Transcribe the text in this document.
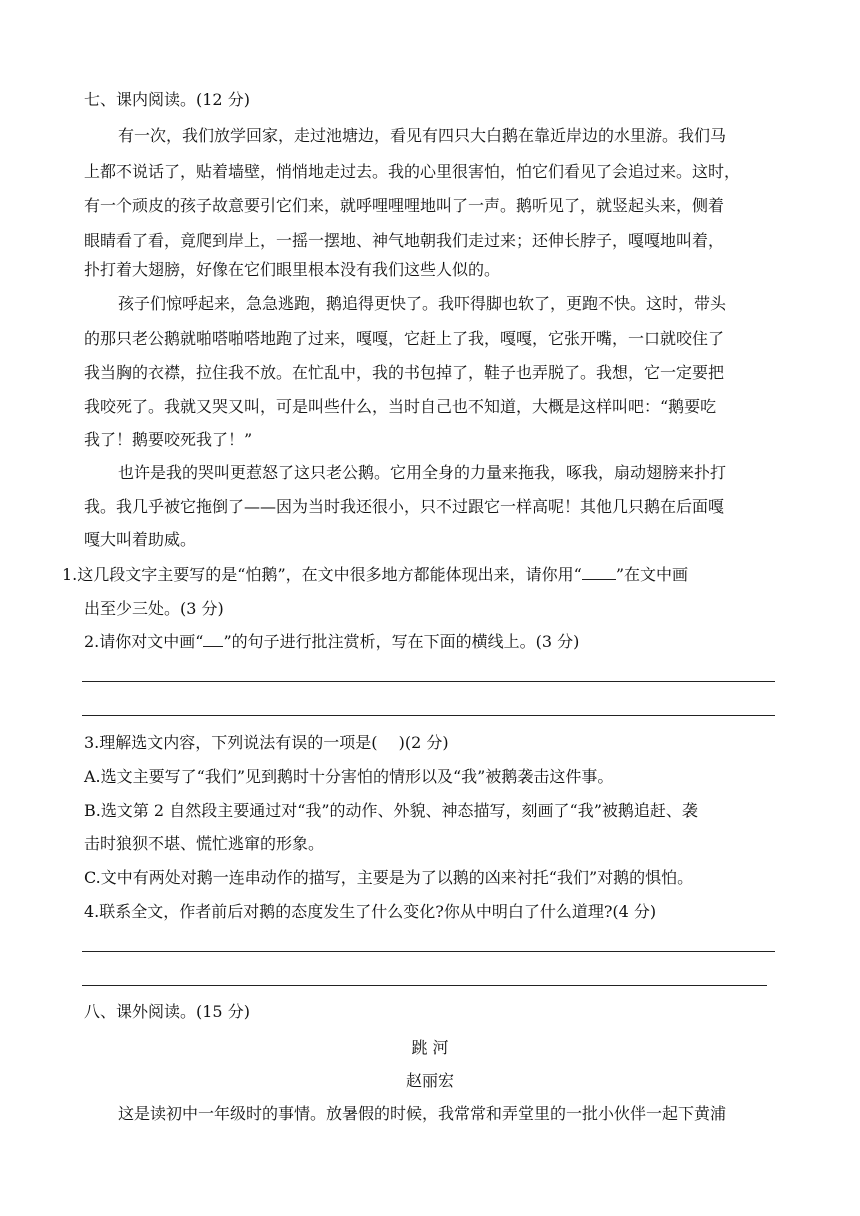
七、课内阅读。(12 分)
有一次，我们放学回家，走过池塘边，看见有四只大白鹅在靠近岸边的水里游。我们马
上都不说话了，贴着墙壁，悄悄地走过去。我的心里很害怕，怕它们看见了会追过来。这时，
有一个顽皮的孩子故意要引它们来，就呼哩哩哩地叫了一声。鹅听见了，就竖起头来，侧着
眼睛看了看，竟爬到岸上，一摇一摆地、神气地朝我们走过来；还伸长脖子，嘎嘎地叫着，
扑打着大翅膀，好像在它们眼里根本没有我们这些人似的。
孩子们惊呼起来，急急逃跑，鹅追得更快了。我吓得脚也软了，更跑不快。这时，带头
的那只老公鹅就啪嗒啪嗒地跑了过来，嘎嘎，它赶上了我，嘎嘎，它张开嘴，一口就咬住了
我当胸的衣襟，拉住我不放。在忙乱中，我的书包掉了，鞋子也弄脱了。我想，它一定要把
我咬死了。我就又哭又叫，可是叫些什么，当时自己也不知道，大概是这样叫吧：“鹅要吃
我了！鹅要咬死我了！”
也许是我的哭叫更惹怒了这只老公鹅。它用全身的力量来拖我，啄我，扇动翅膀来扑打
我。我几乎被它拖倒了——因为当时我还很小，只不过跟它一样高呢！其他几只鹅在后面嘎
嘎大叫着助威。
1.这几段文字主要写的是“怕鹅”，在文中很多地方都能体现出来，请你用“ ”在文中画
出至少三处。(3 分)
2.请你对文中画“ ”的句子进行批注赏析，写在下面的横线上。(3 分)
3.理解选文内容，下列说法有误的一项是(　 )(2 分)
A.选文主要写了“我们”见到鹅时十分害怕的情形以及“我”被鹅袭击这件事。
B.选文第 2 自然段主要通过对“我”的动作、外貌、神态描写，刻画了“我”被鹅追赶、袭
击时狼狈不堪、慌忙逃窜的形象。
C.文中有两处对鹅一连串动作的描写，主要是为了以鹅的凶来衬托“我们”对鹅的惧怕。
4.联系全文，作者前后对鹅的态度发生了什么变化?你从中明白了什么道理?(4 分)
八、课外阅读。(15 分)
跳 河
赵丽宏
这是读初中一年级时的事情。放暑假的时候，我常常和弄堂里的一批小伙伴一起下黄浦
